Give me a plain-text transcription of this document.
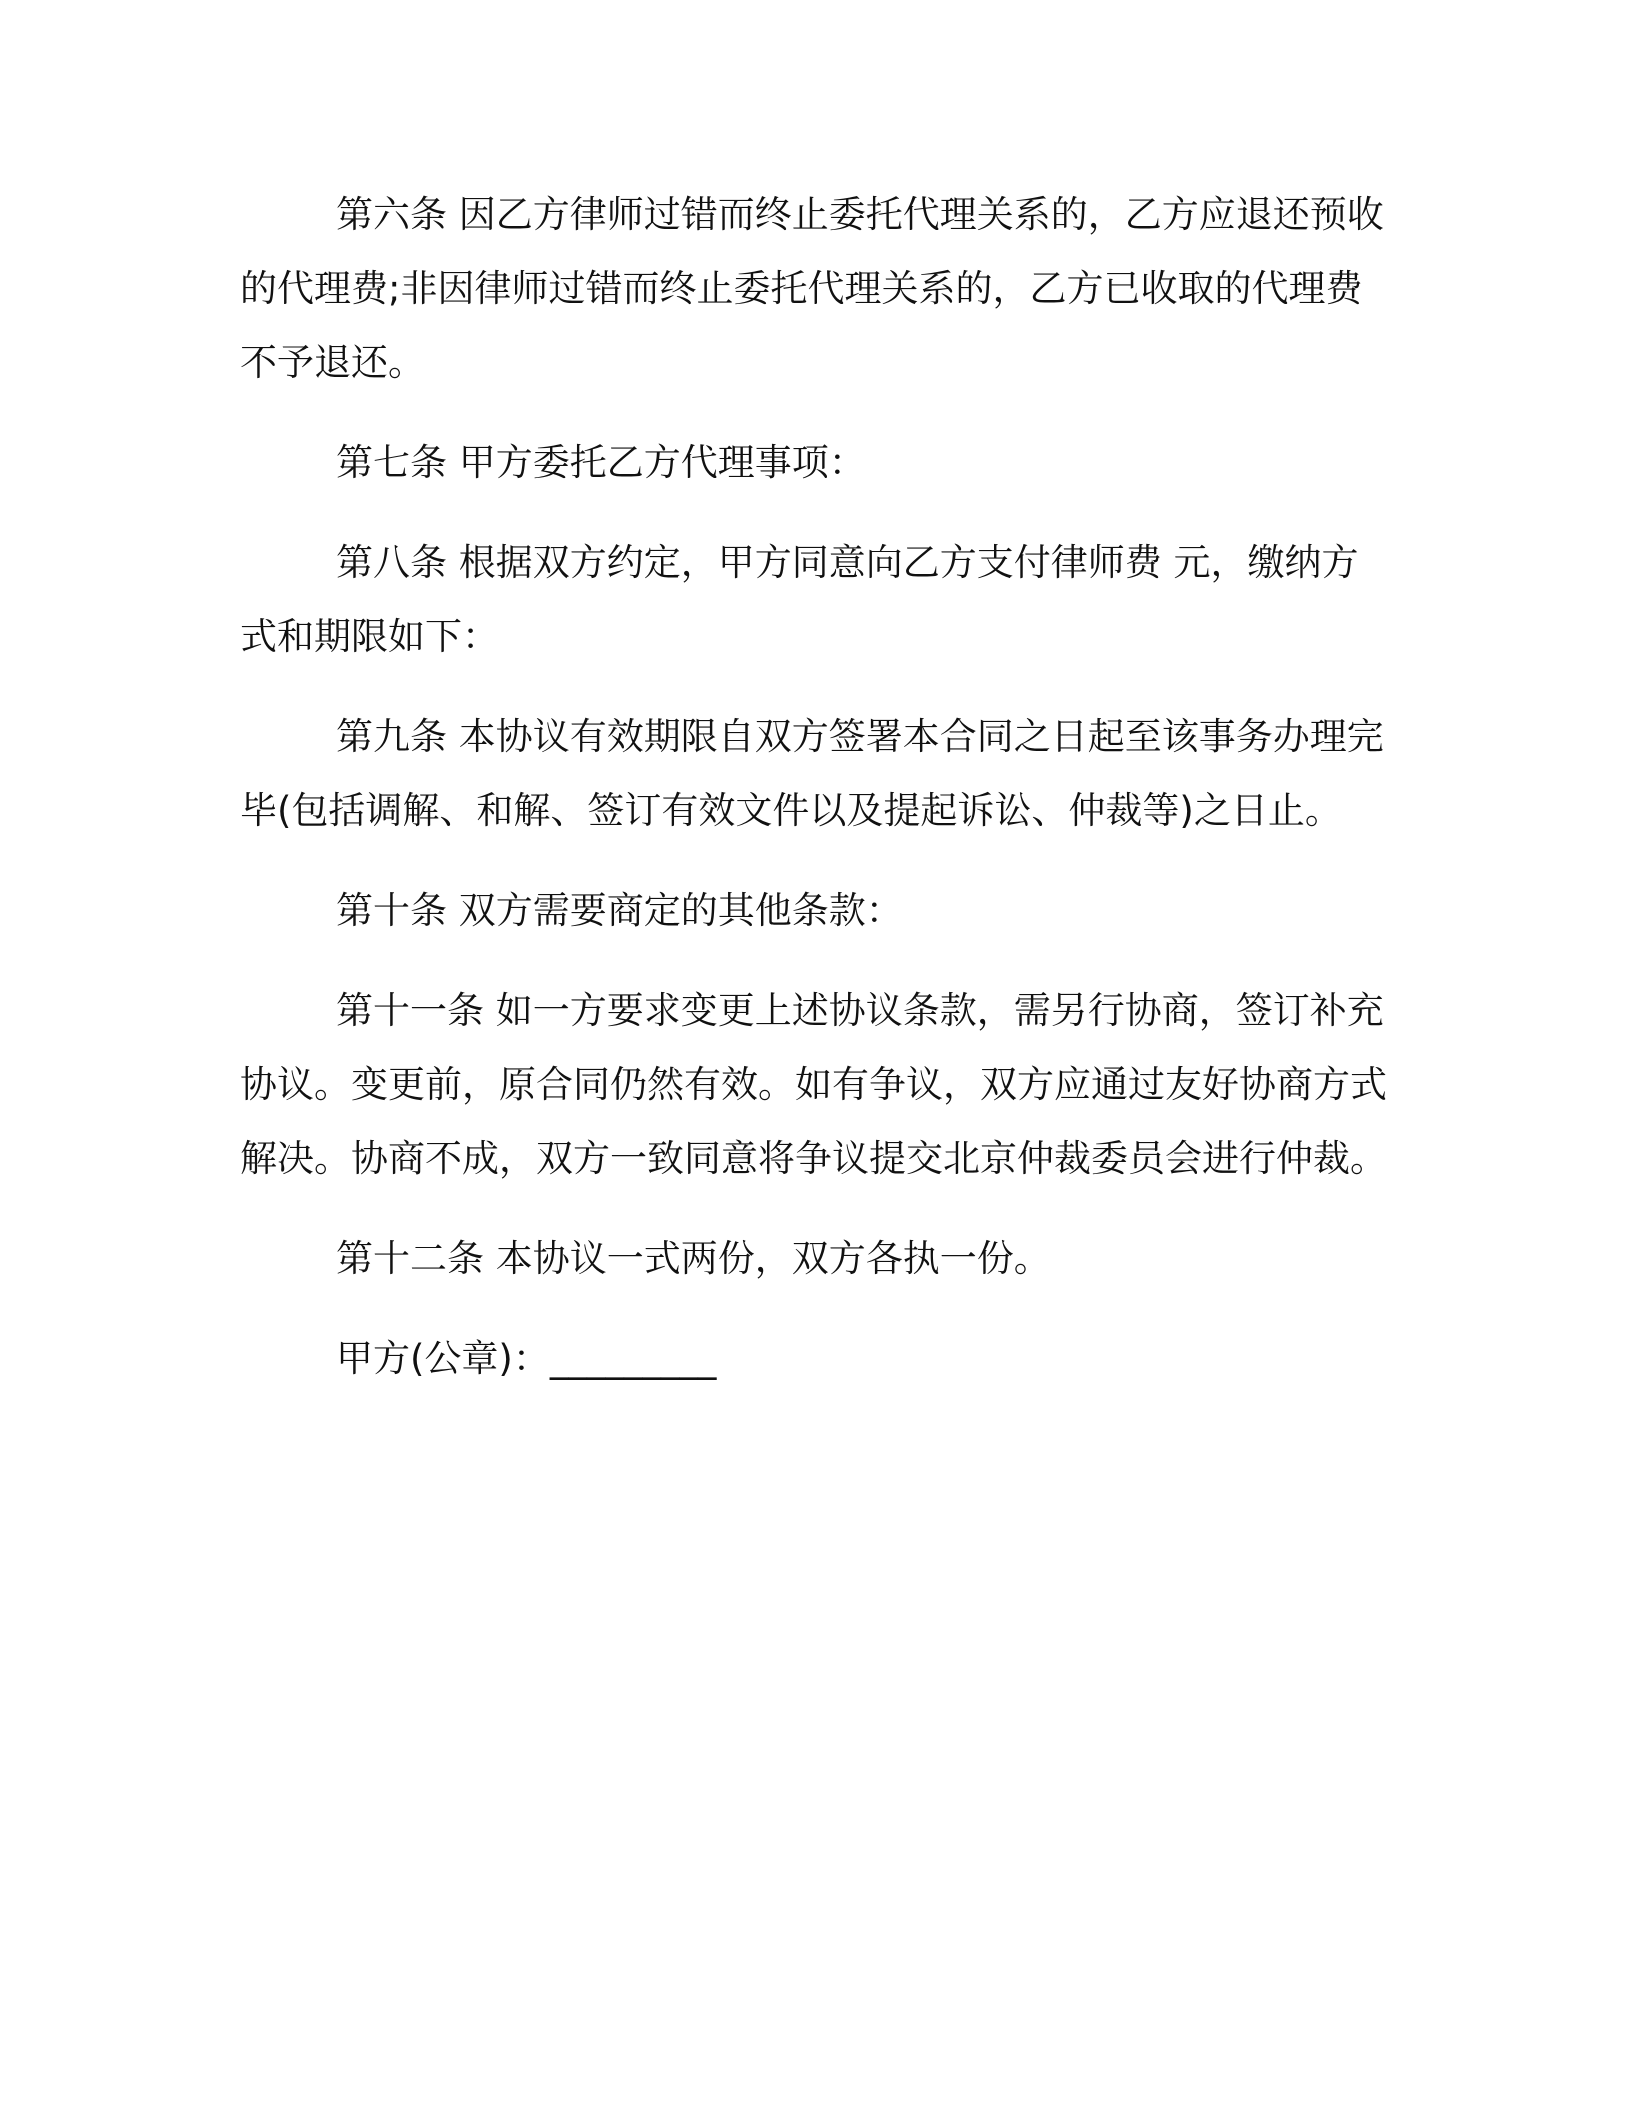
第六条 因乙方律师过错而终止委托代理关系的，乙方应退还预收的代理费;非因律师过错而终止委托代理关系的，乙方已收取的代理费不予退还。

第七条 甲方委托乙方代理事项：

第八条 根据双方约定，甲方同意向乙方支付律师费 元，缴纳方式和期限如下：

第九条 本协议有效期限自双方签署本合同之日起至该事务办理完毕(包括调解、和解、签订有效文件以及提起诉讼、仲裁等)之日止。

第十条 双方需要商定的其他条款：

第十一条 如一方要求变更上述协议条款，需另行协商，签订补充协议。变更前，原合同仍然有效。如有争议，双方应通过友好协商方式解决。协商不成，双方一致同意将争议提交北京仲裁委员会进行仲裁。

第十二条 本协议一式两份，双方各执一份。

甲方(公章)：_________
